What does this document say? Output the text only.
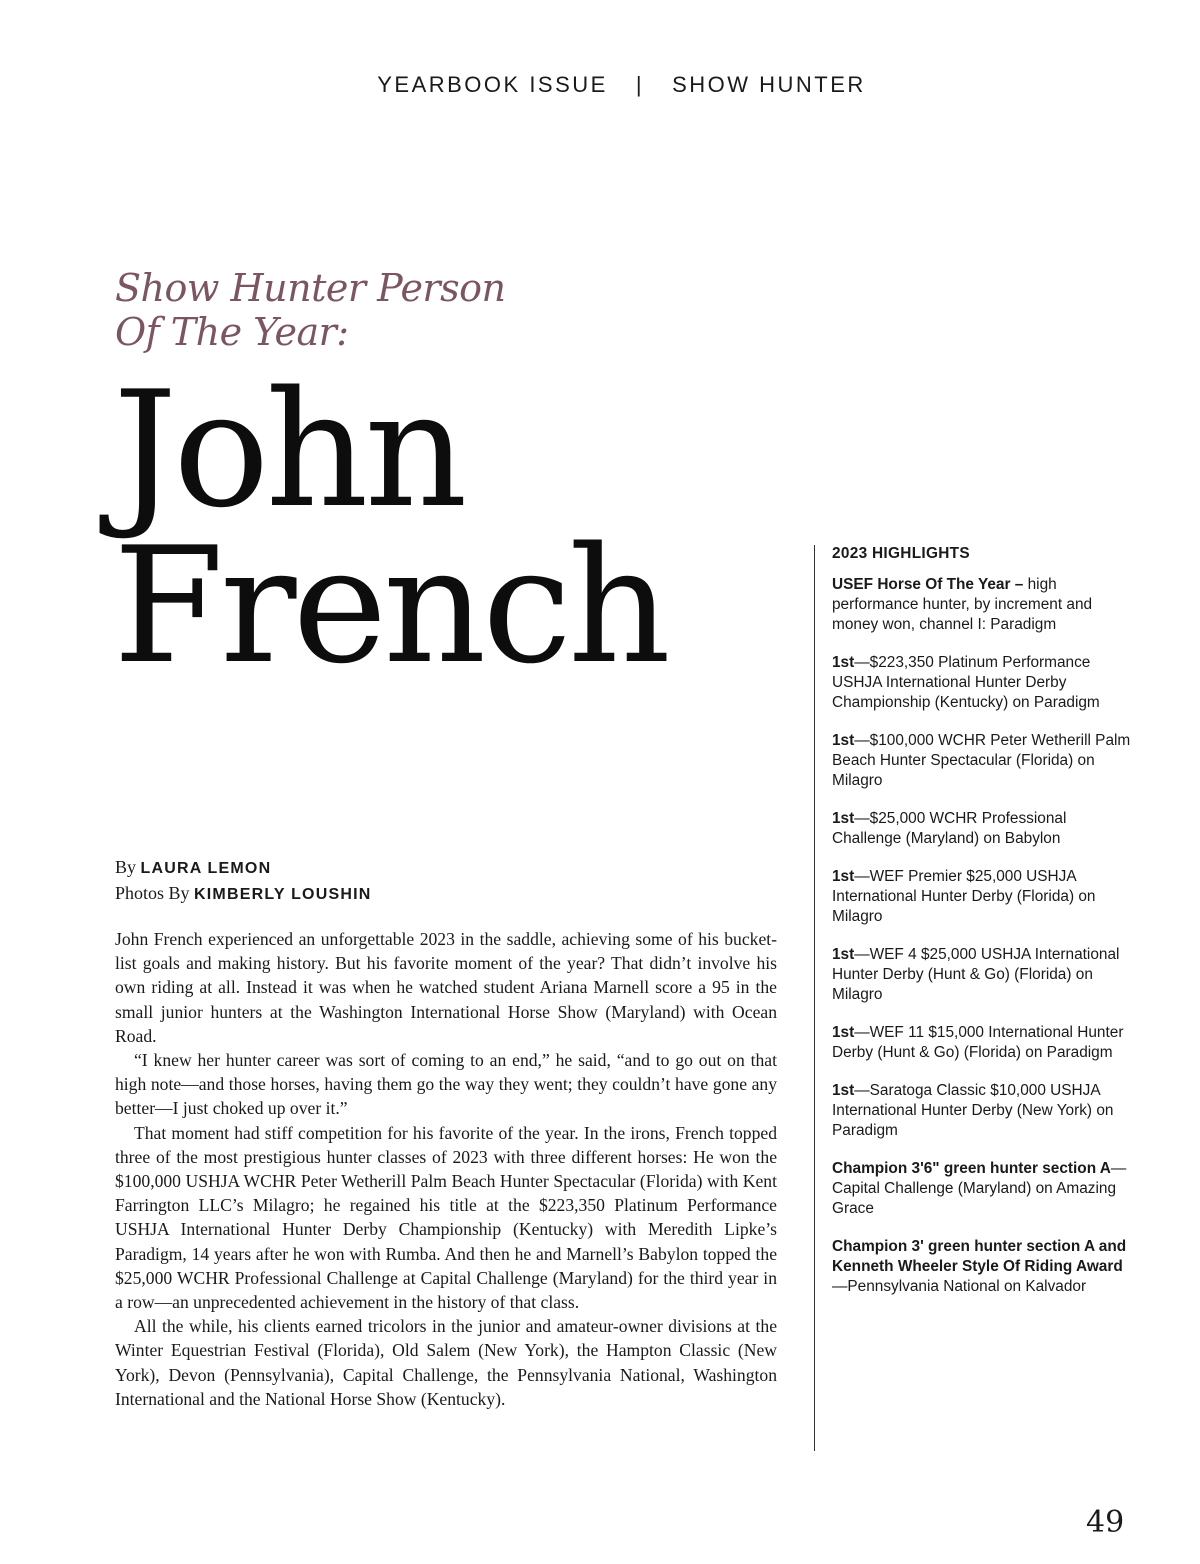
YEARBOOK ISSUE | SHOW HUNTER
Show Hunter Person
Of The Year:
John
French
By LAURA LEMON
Photos By KIMBERLY LOUSHIN

John French experienced an unforgettable 2023 in the saddle, achieving some of his bucket-list goals and making history. But his favorite moment of the year? That didn’t involve his own riding at all. Instead it was when he watched student Ariana Marnell score a 95 in the small junior hunters at the Washington International Horse Show (Maryland) with Ocean Road.

“I knew her hunter career was sort of coming to an end,” he said, “and to go out on that high note—and those horses, having them go the way they went; they couldn’t have gone any better—I just choked up over it.”

That moment had stiff competition for his favorite of the year. In the irons, French topped three of the most prestigious hunter classes of 2023 with three different horses: He won the $100,000 USHJA WCHR Peter Wetherill Palm Beach Hunter Spectacular (Florida) with Kent Farrington LLC’s Milagro; he regained his title at the $223,350 Platinum Performance USHJA International Hunter Derby Championship (Kentucky) with Meredith Lipke’s Paradigm, 14 years after he won with Rumba. And then he and Marnell’s Babylon topped the $25,000 WCHR Professional Challenge at Capital Challenge (Maryland) for the third year in a row—an unprecedented achievement in the history of that class.

All the while, his clients earned tricolors in the junior and amateur-owner divisions at the Winter Equestrian Festival (Florida), Old Salem (New York), the Hampton Classic (New York), Devon (Pennsylvania), Capital Challenge, the Pennsylvania National, Washington International and the National Horse Show (Kentucky).

2023 HIGHLIGHTS
USEF Horse Of The Year – high performance hunter, by increment and money won, channel I: Paradigm
1st—$223,350 Platinum Performance USHJA International Hunter Derby Championship (Kentucky) on Paradigm
1st—$100,000 WCHR Peter Wetherill Palm Beach Hunter Spectacular (Florida) on Milagro
1st—$25,000 WCHR Professional Challenge (Maryland) on Babylon
1st—WEF Premier $25,000 USHJA International Hunter Derby (Florida) on Milagro
1st—WEF 4 $25,000 USHJA International Hunter Derby (Hunt & Go) (Florida) on Milagro
1st—WEF 11 $15,000 International Hunter Derby (Hunt & Go) (Florida) on Paradigm
1st—Saratoga Classic $10,000 USHJA International Hunter Derby (New York) on Paradigm
Champion 3'6" green hunter section A—Capital Challenge (Maryland) on Amazing Grace
Champion 3' green hunter section A and Kenneth Wheeler Style Of Riding Award—Pennsylvania National on Kalvador
49
